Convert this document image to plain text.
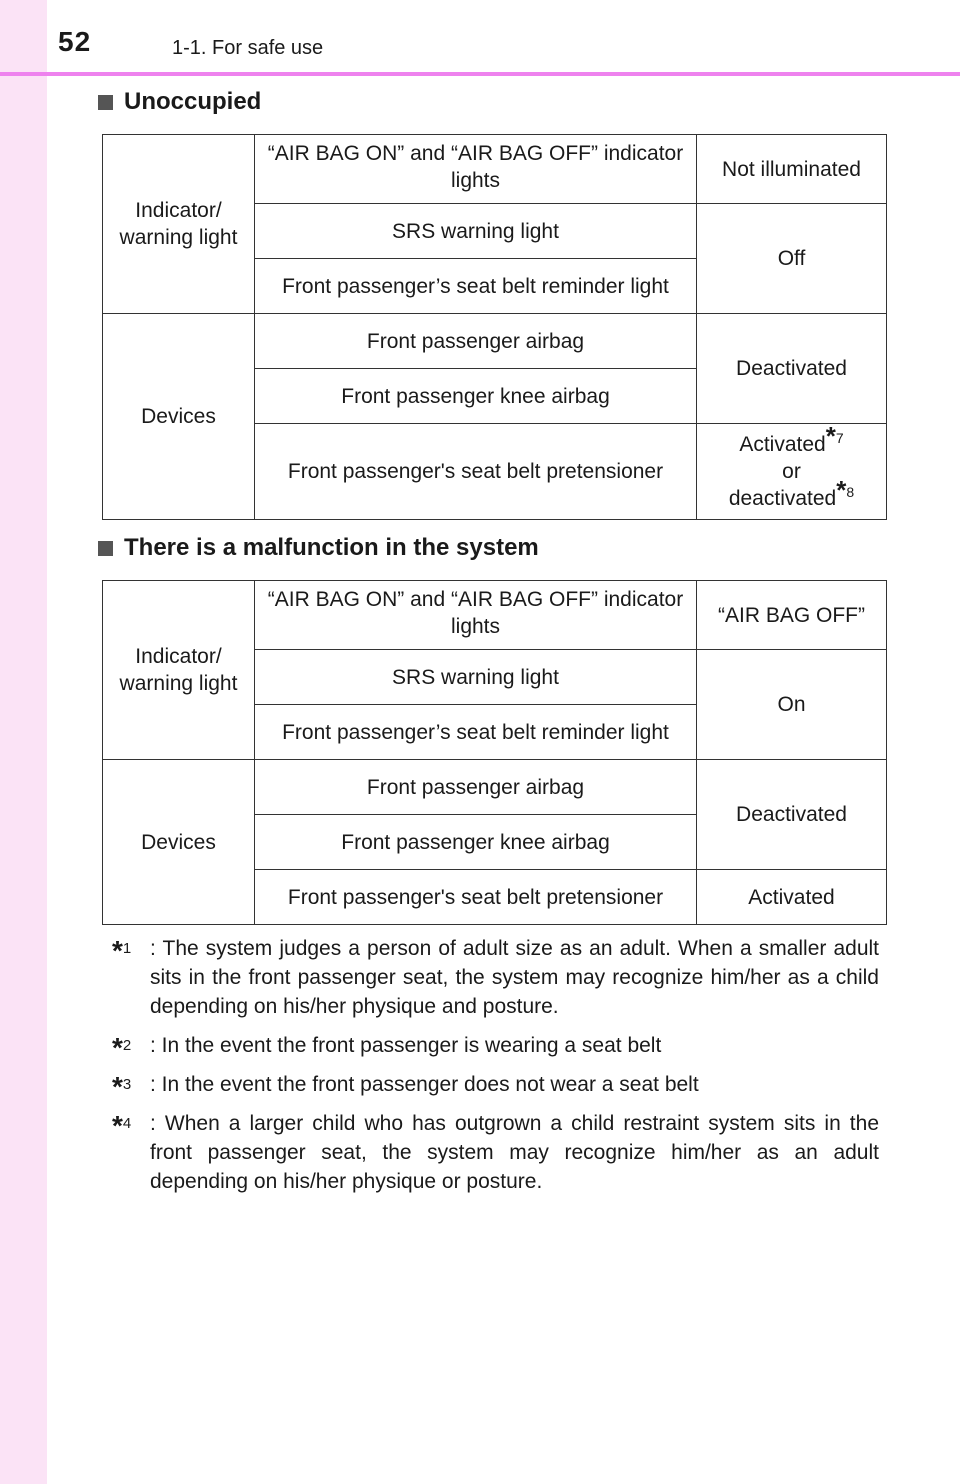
52	1-1. For safe use
Unoccupied
Indicator/ warning light	“AIR BAG ON” and “AIR BAG OFF” indicator lights	Not illuminated
	SRS warning light	Off
	Front passenger’s seat belt reminder light	
Devices	Front passenger airbag	Deactivated
	Front passenger knee airbag	
	Front passenger's seat belt pretensioner	Activated$^{*7}$
or
deactivated$^{*8}$
There is a malfunction in the system
Indicator/ warning light	“AIR BAG ON” and “AIR BAG OFF” indicator lights	“AIR BAG OFF”
	SRS warning light	On
	Front passenger’s seat belt reminder light	
Devices	Front passenger airbag	Deactivated
	Front passenger knee airbag	
	Front passenger's seat belt pretensioner	Activated
*$^1$ : The system judges a person of adult size as an adult. When a smaller adult sits in the front passenger seat, the system may recognize him/her as a child depending on his/her physique and posture.
*$^2$ : In the event the front passenger is wearing a seat belt
*$^3$ : In the event the front passenger does not wear a seat belt
*$^4$ : When a larger child who has outgrown a child restraint system sits in the front passenger seat, the system may recognize him/her as an adult depending on his/her physique or posture.
